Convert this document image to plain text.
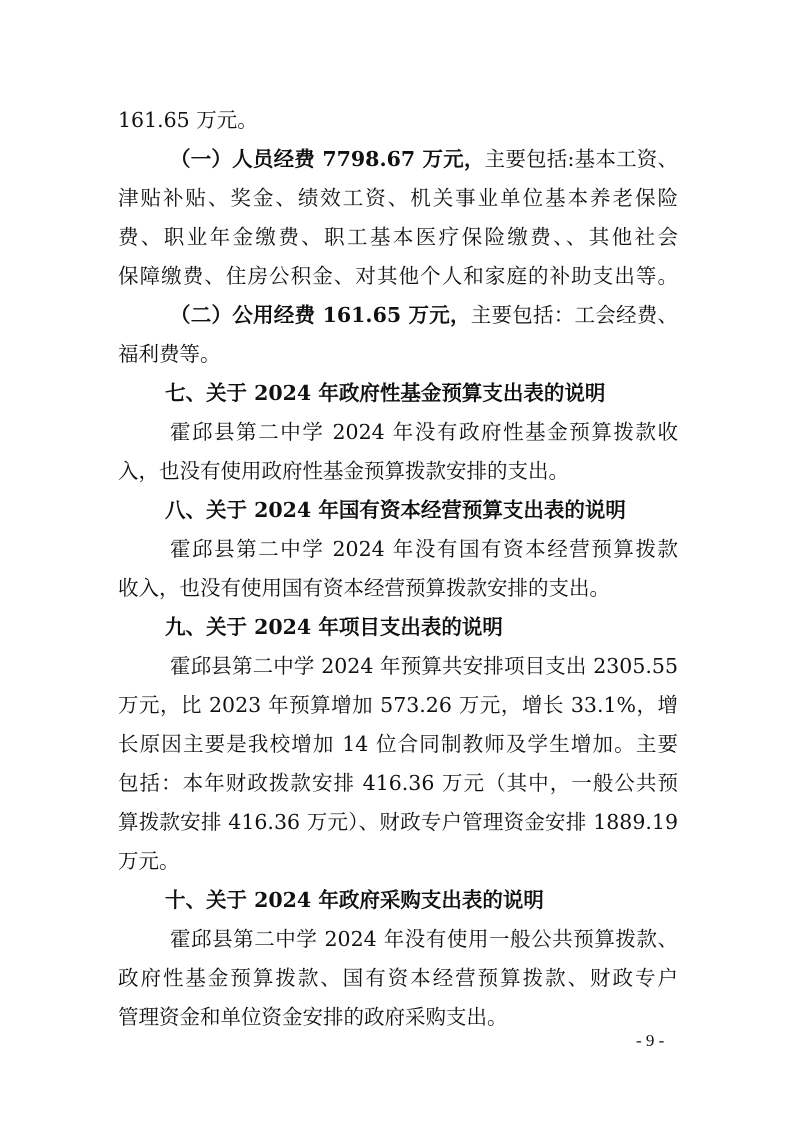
161.65 万元。
（一）人员经费 7798.67 万元，主要包括:基本工资、
津贴补贴、奖金、绩效工资、机关事业单位基本养老保险
费、职业年金缴费、职工基本医疗保险缴费、、其他社会
保障缴费、住房公积金、对其他个人和家庭的补助支出等。
（二）公用经费 161.65 万元，主要包括：工会经费、
福利费等。
七、关于 2024 年政府性基金预算支出表的说明
霍邱县第二中学 2024 年没有政府性基金预算拨款收
入，也没有使用政府性基金预算拨款安排的支出。
八、关于 2024 年国有资本经营预算支出表的说明
霍邱县第二中学 2024 年没有国有资本经营预算拨款
收入，也没有使用国有资本经营预算拨款安排的支出。
九、关于 2024 年项目支出表的说明
霍邱县第二中学 2024 年预算共安排项目支出 2305.55
万元，比 2023 年预算增加 573.26 万元，增长 33.1%，增
长原因主要是我校增加 14 位合同制教师及学生增加。主要
包括：本年财政拨款安排 416.36 万元（其中，一般公共预
算拨款安排 416.36 万元）、财政专户管理资金安排 1889.19
万元。
十、关于 2024 年政府采购支出表的说明
霍邱县第二中学 2024 年没有使用一般公共预算拨款、
政府性基金预算拨款、国有资本经营预算拨款、财政专户
管理资金和单位资金安排的政府采购支出。
- 9 -
